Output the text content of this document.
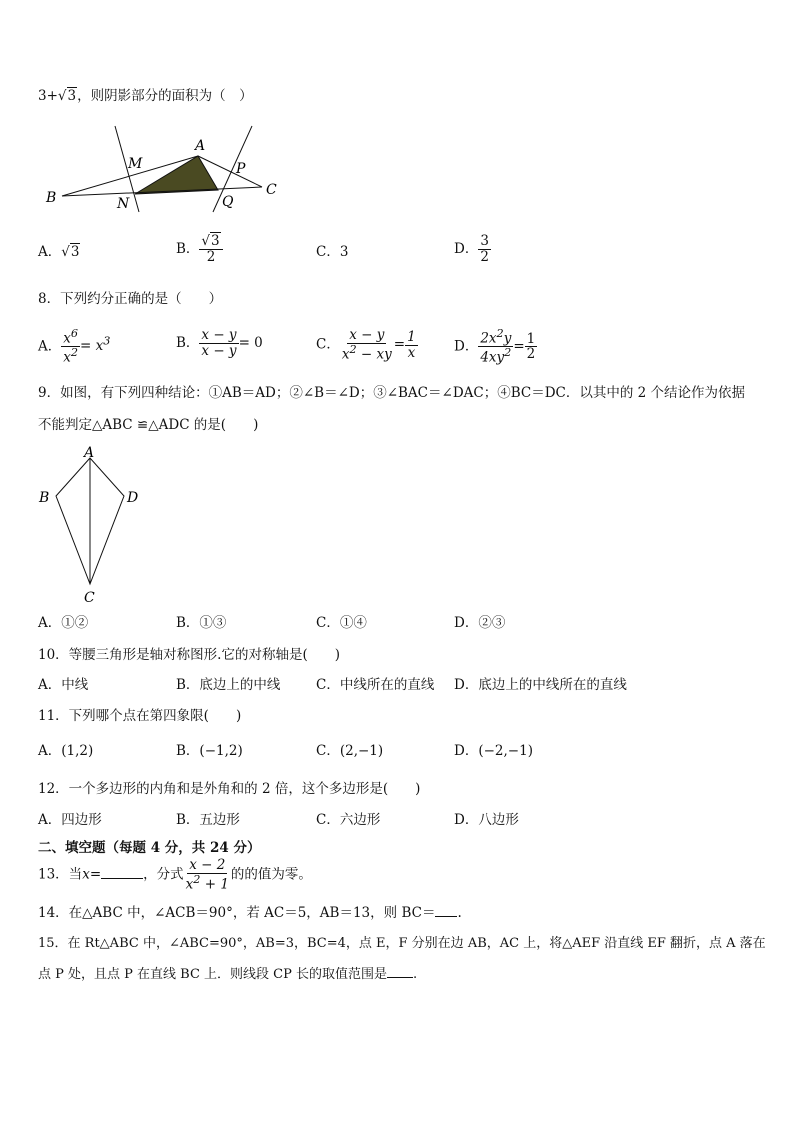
3+√3，则阴影部分的面积为（　）
A
B	C
M
N
P
Q
A．√3	B． $\frac{√3}{2}$	C．3	D． $\frac{3}{2}$
8．下列约分正确的是（　　）
A． $\frac{x^6}{x^2} = x^3$	B． $\frac{x - y}{x - y} = 0$	C． $\frac{x - y}{x^2 - xy} = \frac{1}{x}$	D． $\frac{2x^2y}{4xy^2} = \frac{1}{2}$
9．如图，有下列四种结论：①AB＝AD；②∠B＝∠D；③∠BAC＝∠DAC；④BC＝DC．以其中的 2 个结论作为依据
不能判定△ABC ≌△ADC 的是(　　)
A
B
C
D
A．①②	B．①③	C．①④	D．②③
10．等腰三角形是轴对称图形.它的对称轴是(　　)
A．中线	B．底边上的中线	C．中线所在的直线 D．底边上的中线所在的直线
11．下列哪个点在第四象限(　　)
A．(1,2)	B．(−1,2)	C．(2,−1)	D．(−2,−1)
12．一个多边形的内角和是外角和的 2 倍，这个多边形是(　　)
A．四边形	B．五边形	C．六边形	D．八边形
二、填空题（每题 4 分，共 24 分）
13．当x=	，分式 $\frac{x - 2}{x^2 + 1}$ 的的值为零。
14．在△ABC 中，∠ACB＝90°，若 AC＝5，AB＝13，则 BC＝ .
15．在 Rt△ABC 中，∠ABC=90°，AB=3，BC=4，点 E，F 分别在边 AB，AC 上，将△AEF 沿直线 EF 翻折，点 A 落在
点 P 处，且点 P 在直线 BC 上．则线段 CP 长的取值范围是 .
